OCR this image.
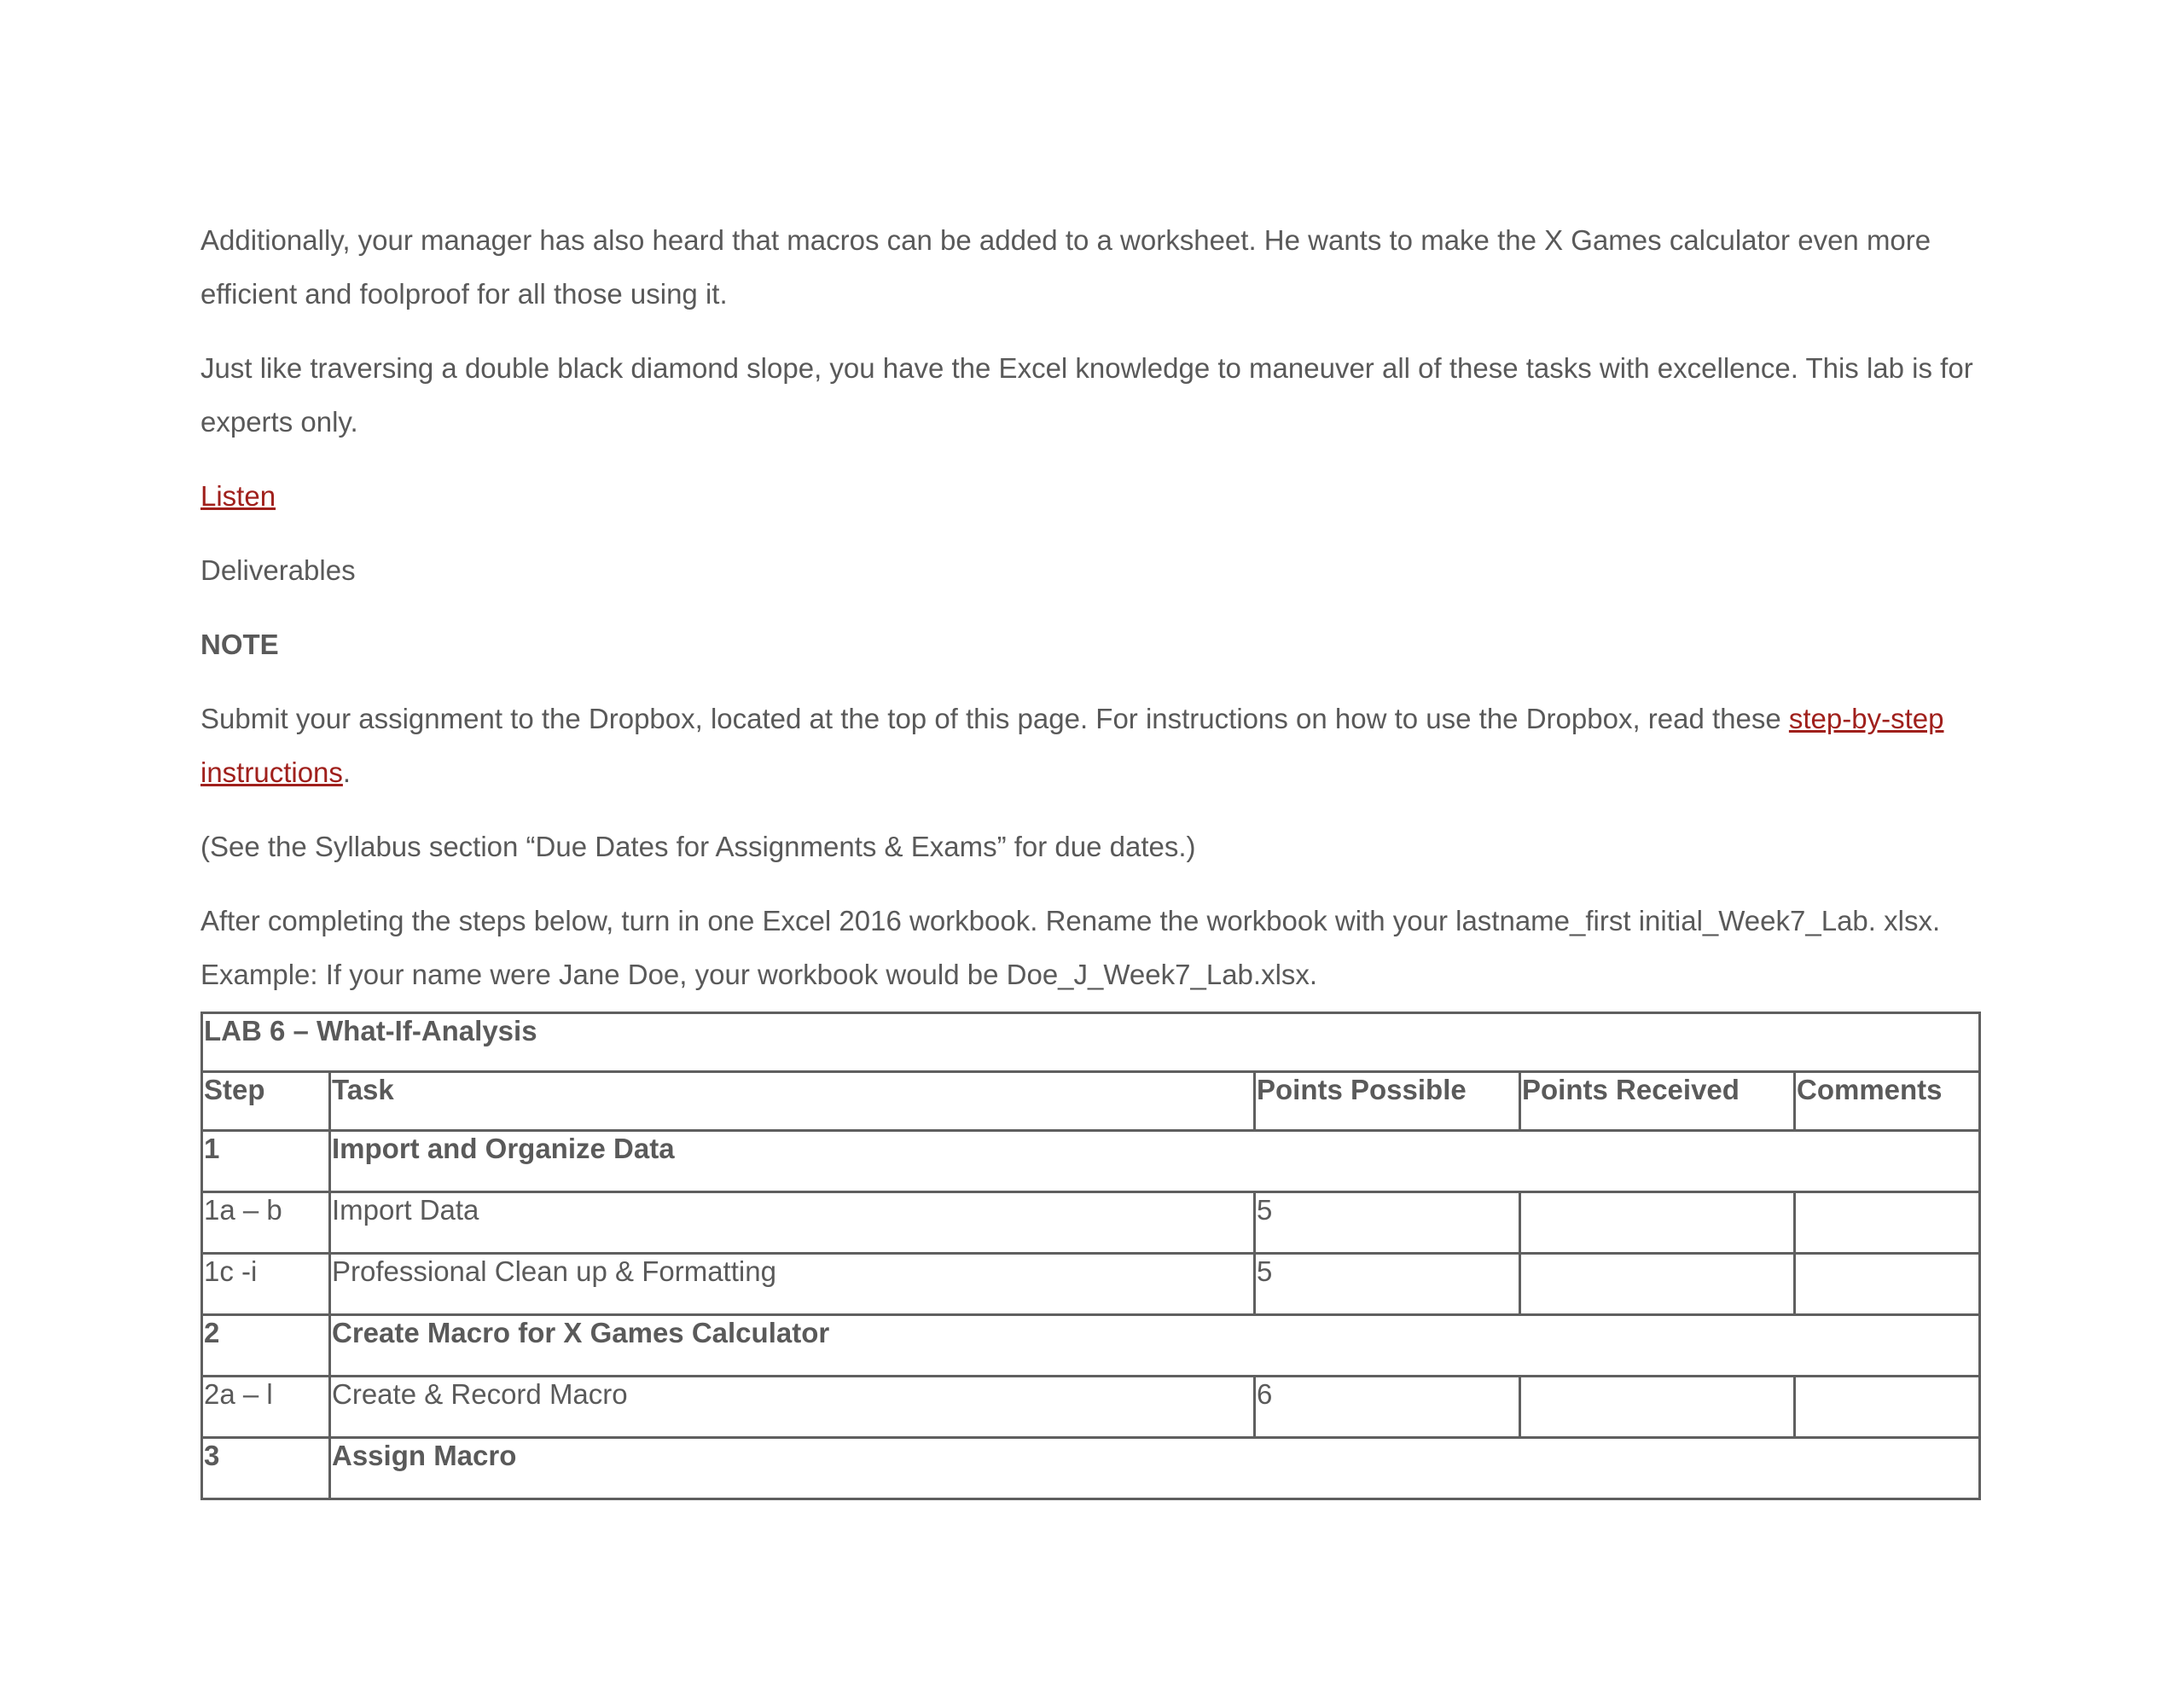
Additionally, your manager has also heard that macros can be added to a worksheet. He wants to make the X Games calculator even more efficient and foolproof for all those using it.

Just like traversing a double black diamond slope, you have the Excel knowledge to maneuver all of these tasks with excellence. This lab is for experts only.

Listen

Deliverables

NOTE

Submit your assignment to the Dropbox, located at the top of this page. For instructions on how to use the Dropbox, read these step-by-step instructions.

(See the Syllabus section “Due Dates for Assignments & Exams” for due dates.)

After completing the steps below, turn in one Excel 2016 workbook. Rename the workbook with your lastname_first initial_Week7_Lab. xlsx. Example: If your name were Jane Doe, your workbook would be Doe_J_Week7_Lab.xlsx.

LAB 6 – What-If-Analysis				
Step	Task	Points Possible	Points Received	Comments
1	Import and Organize Data			
1a – b	Import Data	5		
1c -i	Professional Clean up & Formatting	5		
2	Create Macro for X Games Calculator			
2a – l	Create & Record Macro	6		
3	Assign Macro			
